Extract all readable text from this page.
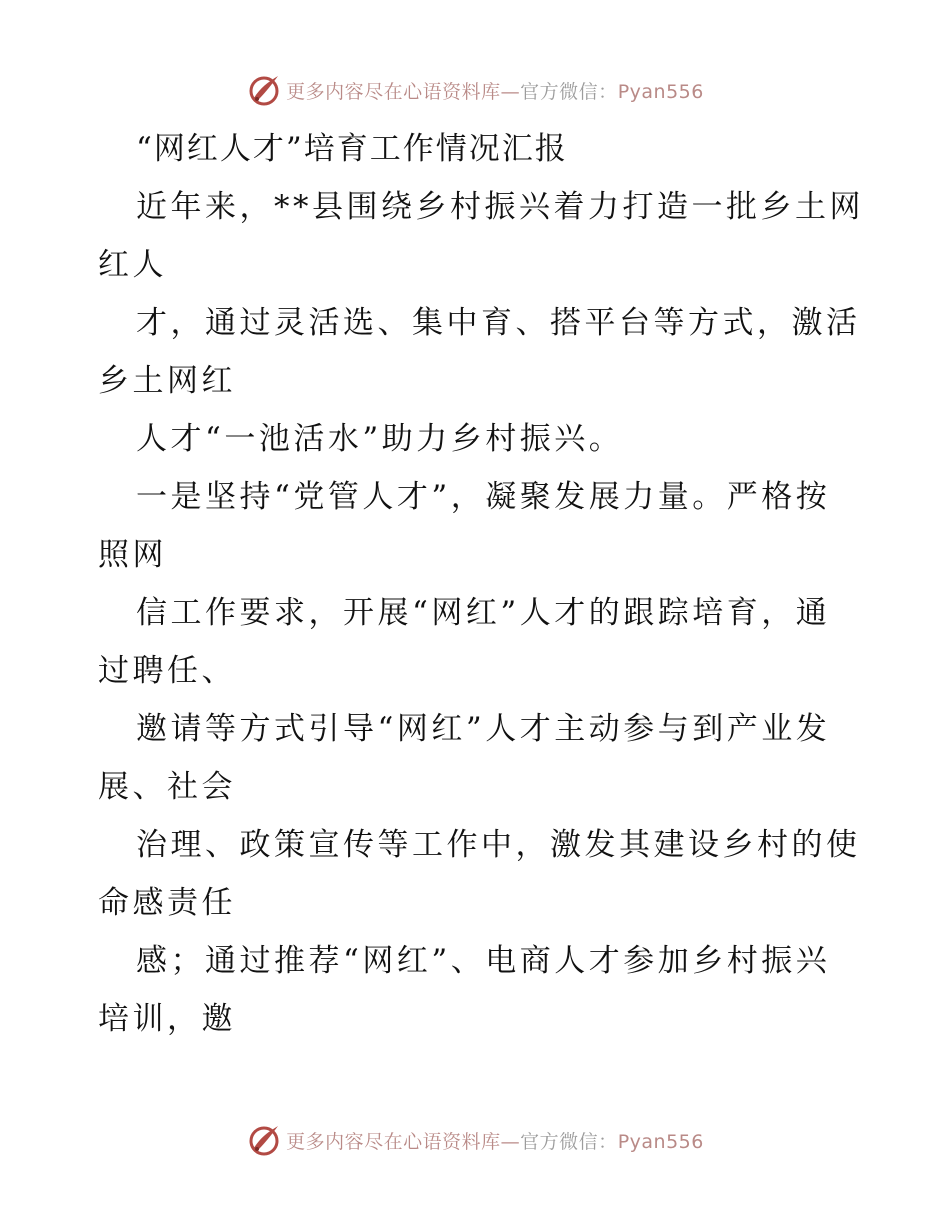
更多内容尽在心语资料库—官方微信：Pyan556
“网红人才”培育工作情况汇报
近年来，**县围绕乡村振兴着力打造一批乡土网
红人
才，通过灵活选、集中育、搭平台等方式，激活
乡土网红
人才“一池活水”助力乡村振兴。
一是坚持“党管人才”，凝聚发展力量。严格按
照网
信工作要求，开展“网红”人才的跟踪培育，通
过聘任、
邀请等方式引导“网红”人才主动参与到产业发
展、社会
治理、政策宣传等工作中，激发其建设乡村的使
命感责任
感；通过推荐“网红”、电商人才参加乡村振兴
培训，邀
更多内容尽在心语资料库—官方微信：Pyan556
